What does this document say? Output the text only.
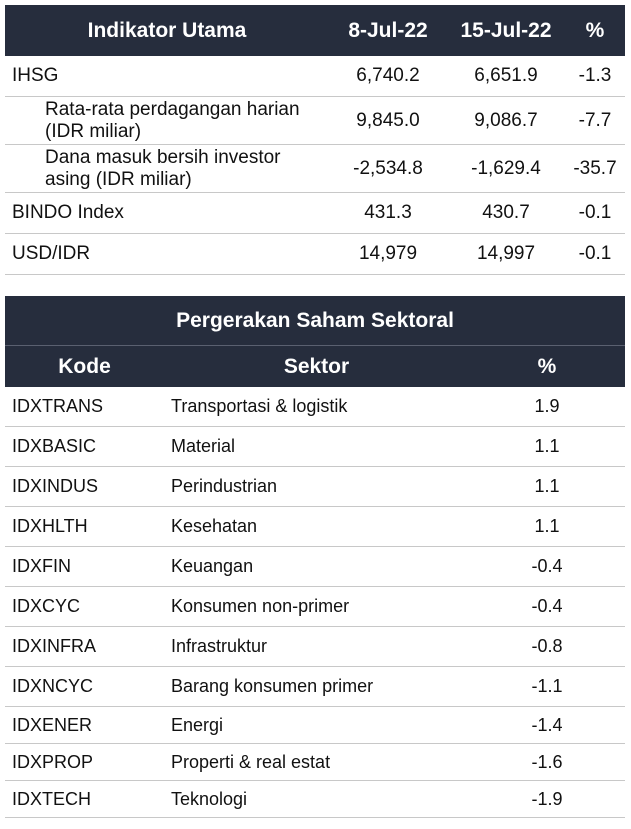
Indikator Utama	8-Jul-22	15-Jul-22	%
IHSG	6,740.2	6,651.9	-1.3
Rata-rata perdagangan harian (IDR miliar)	9,845.0	9,086.7	-7.7
Dana masuk bersih investor asing (IDR miliar)	-2,534.8	-1,629.4	-35.7
BINDO Index	431.3	430.7	-0.1
USD/IDR	14,979	14,997	-0.1
Pergerakan Saham Sektoral		
Kode	Sektor	%
IDXTRANS	Transportasi & logistik	1.9
IDXBASIC	Material	1.1
IDXINDUS	Perindustrian	1.1
IDXHLTH	Kesehatan	1.1
IDXFIN	Keuangan	-0.4
IDXCYC	Konsumen non-primer	-0.4
IDXINFRA	Infrastruktur	-0.8
IDXNCYC	Barang konsumen primer	-1.1
IDXENER	Energi	-1.4
IDXPROP	Properti & real estat	-1.6
IDXTECH	Teknologi	-1.9
